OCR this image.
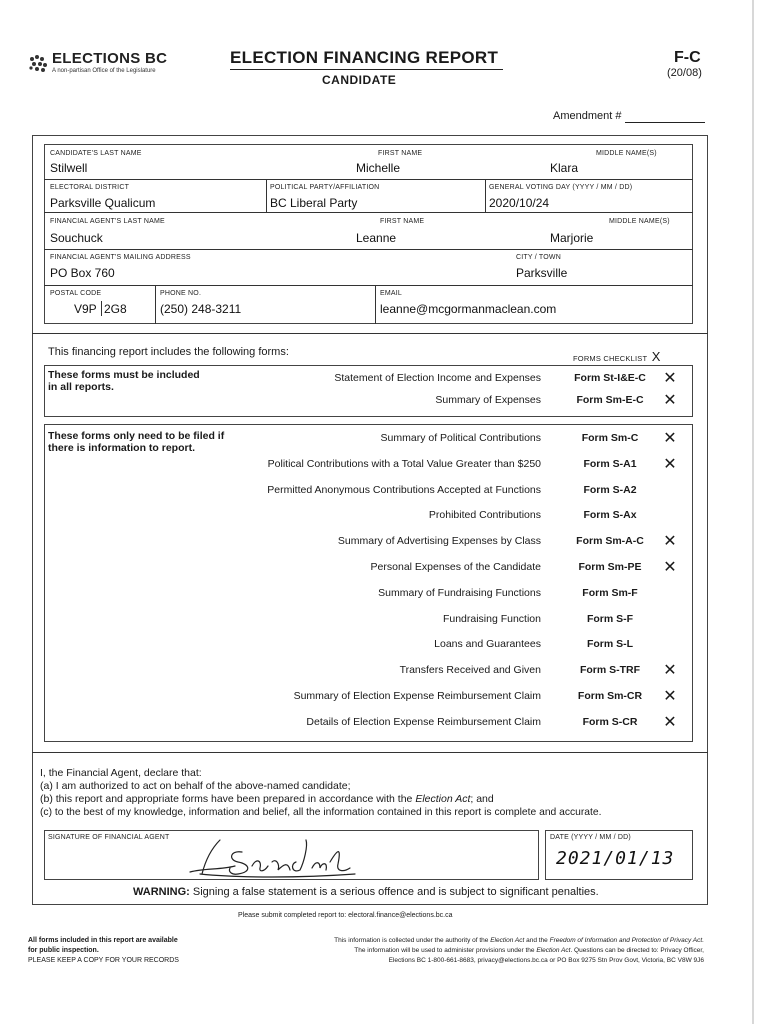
ELECTIONS BC
A non-partisan Office of the Legislature
ELECTION FINANCING REPORT
CANDIDATE
F-C
(20/08)
Amendment #
CANDIDATE'S LAST NAME
Stilwell
FIRST NAME
Michelle
MIDDLE NAME(S)
Klara
ELECTORAL DISTRICT
Parksville Qualicum
POLITICAL PARTY/AFFILIATION
BC Liberal Party
GENERAL VOTING DAY (YYYY / MM / DD)
2020/10/24
FINANCIAL AGENT'S LAST NAME
Souchuck
FIRST NAME
Leanne
MIDDLE NAME(S)
Marjorie
FINANCIAL AGENT'S MAILING ADDRESS
PO Box 760
CITY / TOWN
Parksville
POSTAL CODE
V9P 2G8
PHONE NO.
(250) 248-3211
EMAIL
leanne@mcgormanmaclean.com
This financing report includes the following forms:
FORMS CHECKLIST X
These forms must be included in all reports.
Statement of Election Income and Expenses	Form St-I&E-C	✕
Summary of Expenses	Form Sm-E-C	✕
These forms only need to be filed if there is information to report.
Summary of Political Contributions	Form Sm-C	✕
Political Contributions with a Total Value Greater than $250	Form S-A1	✕
Permitted Anonymous Contributions Accepted at Functions	Form S-A2
Prohibited Contributions	Form S-Ax
Summary of Advertising Expenses by Class	Form Sm-A-C	✕
Personal Expenses of the Candidate	Form Sm-PE	✕
Summary of Fundraising Functions	Form Sm-F
Fundraising Function	Form S-F
Loans and Guarantees	Form S-L
Transfers Received and Given	Form S-TRF	✕
Summary of Election Expense Reimbursement Claim	Form Sm-CR	✕
Details of Election Expense Reimbursement Claim	Form S-CR	✕
I, the Financial Agent, declare that:
(a) I am authorized to act on behalf of the above-named candidate;
(b) this report and appropriate forms have been prepared in accordance with the Election Act; and
(c) to the best of my knowledge, information and belief, all the information contained in this report is complete and accurate.
SIGNATURE OF FINANCIAL AGENT	DATE (YYYY / MM / DD)
2021/01/13
WARNING: Signing a false statement is a serious offence and is subject to significant penalties.
Please submit completed report to: electoral.finance@elections.bc.ca
All forms included in this report are available
for public inspection.
PLEASE KEEP A COPY FOR YOUR RECORDS
This information is collected under the authority of the Election Act and the Freedom of Information and Protection of Privacy Act.
The information will be used to administer provisions under the Election Act. Questions can be directed to: Privacy Officer,
Elections BC 1-800-661-8683, privacy@elections.bc.ca or PO Box 9275 Stn Prov Govt, Victoria, BC V8W 9J6
